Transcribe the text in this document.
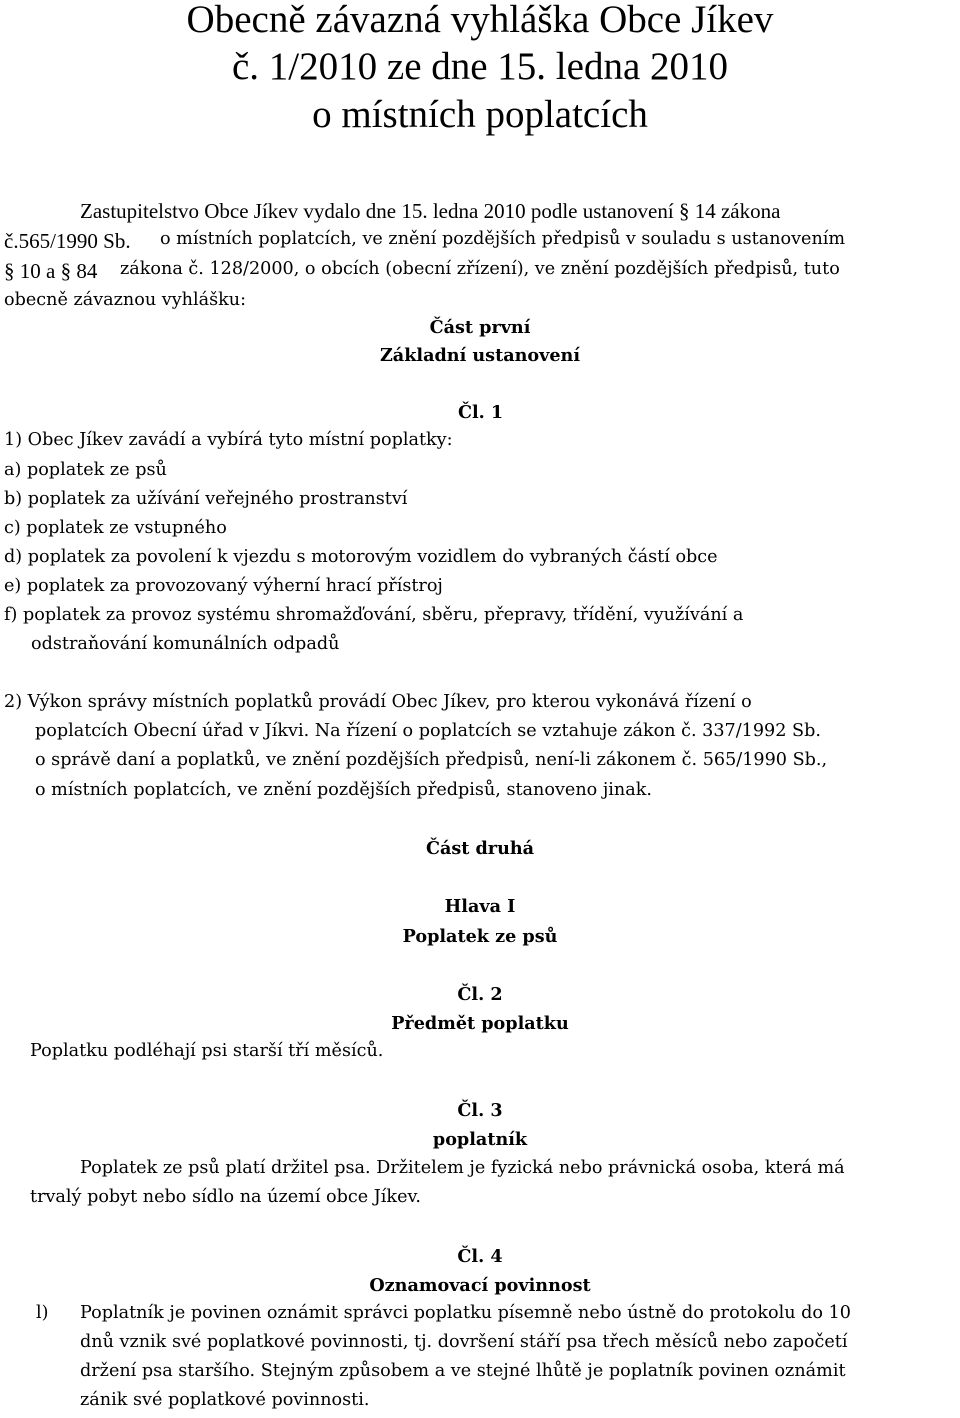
Obecně závazná vyhláška Obce Jíkev
č. 1/2010 ze dne 15. ledna 2010
o místních poplatcích
Zastupitelstvo Obce Jíkev vydalo dne 15. ledna 2010 podle ustanovení § 14 zákona
č.565/1990 Sb. o místních poplatcích, ve znění pozdějších předpisů v souladu s ustanovením
§ 10 a § 84 zákona č. 128/2000, o obcích (obecní zřízení), ve znění pozdějších předpisů, tuto
obecně závaznou vyhlášku:
Část první
Základní ustanovení
Čl. 1
1) Obec Jíkev zavádí a vybírá tyto místní poplatky:
a) poplatek ze psů
b) poplatek za užívání veřejného prostranství
c) poplatek ze vstupného
d) poplatek za povolení k vjezdu s motorovým vozidlem do vybraných částí obce
e) poplatek za provozovaný výherní hrací přístroj
f) poplatek za provoz systému shromažďování, sběru, přepravy, třídění, využívání a
odstraňování komunálních odpadů
2) Výkon správy místních poplatků provádí Obec Jíkev, pro kterou vykonává řízení o
poplatcích Obecní úřad v Jíkvi. Na řízení o poplatcích se vztahuje zákon č. 337/1992 Sb.
o správě daní a poplatků, ve znění pozdějších předpisů, není-li zákonem č. 565/1990 Sb.,
o místních poplatcích, ve znění pozdějších předpisů, stanoveno jinak.
Část druhá
Hlava I
Poplatek ze psů
Čl. 2
Předmět poplatku
Poplatku podléhají psi starší tří měsíců.
Čl. 3
poplatník
Poplatek ze psů platí držitel psa. Držitelem je fyzická nebo právnická osoba, která má
trvalý pobyt nebo sídlo na území obce Jíkev.
Čl. 4
Oznamovací povinnost
l) Poplatník je povinen oznámit správci poplatku písemně nebo ústně do protokolu do 10
dnů vznik své poplatkové povinnosti, tj. dovršení stáří psa třech měsíců nebo započetí
držení psa staršího. Stejným způsobem a ve stejné lhůtě je poplatník povinen oznámit
zánik své poplatkové povinnosti.
